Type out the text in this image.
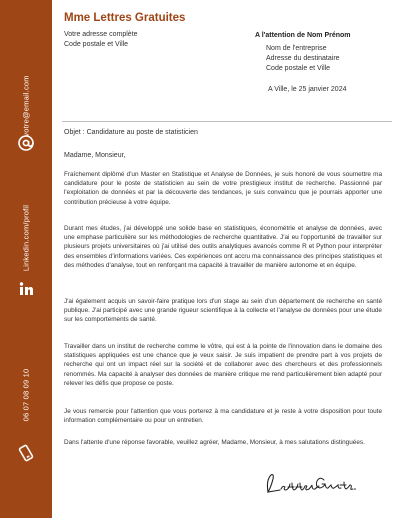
votre@email.com
Linkedin.com/profil
06 07 08 09 10
Mme Lettres Gratuites
Votre adresse complète
Code postale et Ville
A l'attention de Nom Prénom
Nom de l'entreprise
Adresse du destinataire
Code postale et Ville
A Ville, le 25 janvier 2024
Objet : Candidature au poste de statisticien
Madame, Monsieur,
Fraîchement diplômé d'un Master en Statistique et Analyse de Données, je suis honoré de vous soumettre ma candidature pour le poste de statisticien au sein de votre prestigieux institut de recherche. Passionné par l'exploitation de données et par la découverte des tendances, je suis convaincu que je pourrais apporter une contribution précieuse à votre équipe.
Durant mes études, j'ai développé une solide base en statistiques, économétrie et analyse de données, avec une emphase particulière sur les méthodologies de recherche quantitative. J'ai eu l'opportunité de travailler sur plusieurs projets universitaires où j'ai utilisé des outils analytiques avancés comme R et Python pour interpréter des ensembles d'informations variées. Ces expériences ont accru ma connaissance des principes statistiques et des méthodes d'analyse, tout en renforçant ma capacité à travailler de manière autonome et en équipe.
J'ai également acquis un savoir-faire pratique lors d'un stage au sein d'un département de recherche en santé publique. J'ai participé avec une grande rigueur scientifique à la collecte et l'analyse de données pour une étude sur les comportements de santé.
Travailler dans un institut de recherche comme le vôtre, qui est à la pointe de l'innovation dans le domaine des statistiques appliquées est une chance que je veux saisir. Je suis impatient de prendre part à vos projets de recherche qui ont un impact réel sur la société et de collaborer avec des chercheurs et des professionnels renommés. Ma capacité à analyser des données de manière critique me rend particulièrement bien adapté pour relever les défis que propose ce poste.
Je vous remercie pour l'attention que vous porterez à ma candidature et je reste à votre disposition pour toute information complémentaire ou pour un entretien.
Dans l'attente d'une réponse favorable, veuillez agréer, Madame, Monsieur, à mes salutations distinguées.
